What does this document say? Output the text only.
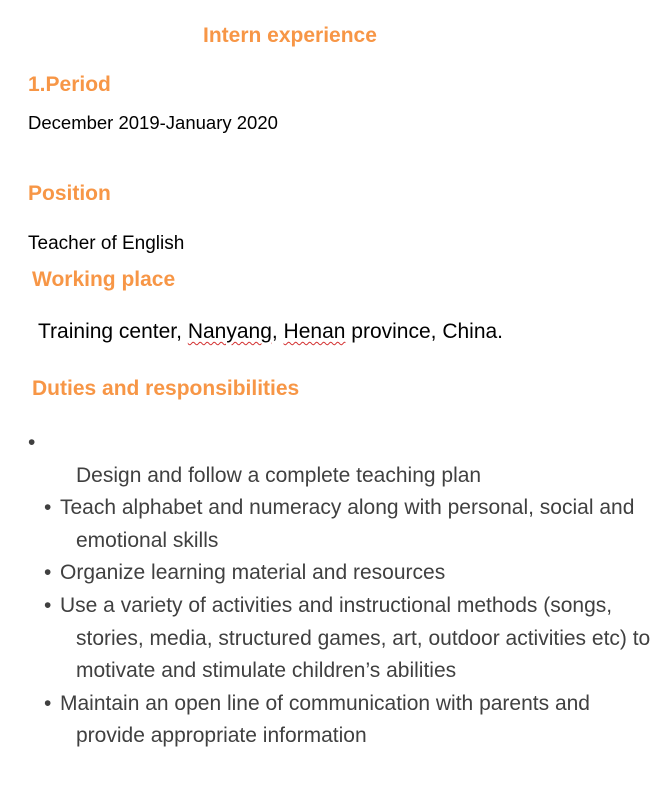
Intern experience
1.Period
December 2019-January 2020
Position
Teacher of English
Working place
Training center, Nanyang, Henan province, China.
Duties and responsibilities
•
Design and follow a complete teaching plan
• Teach alphabet and numeracy along with personal, social and emotional skills
• Organize learning material and resources
• Use a variety of activities and instructional methods (songs, stories, media, structured games, art, outdoor activities etc) to motivate and stimulate children’s abilities
• Maintain an open line of communication with parents and provide appropriate information
